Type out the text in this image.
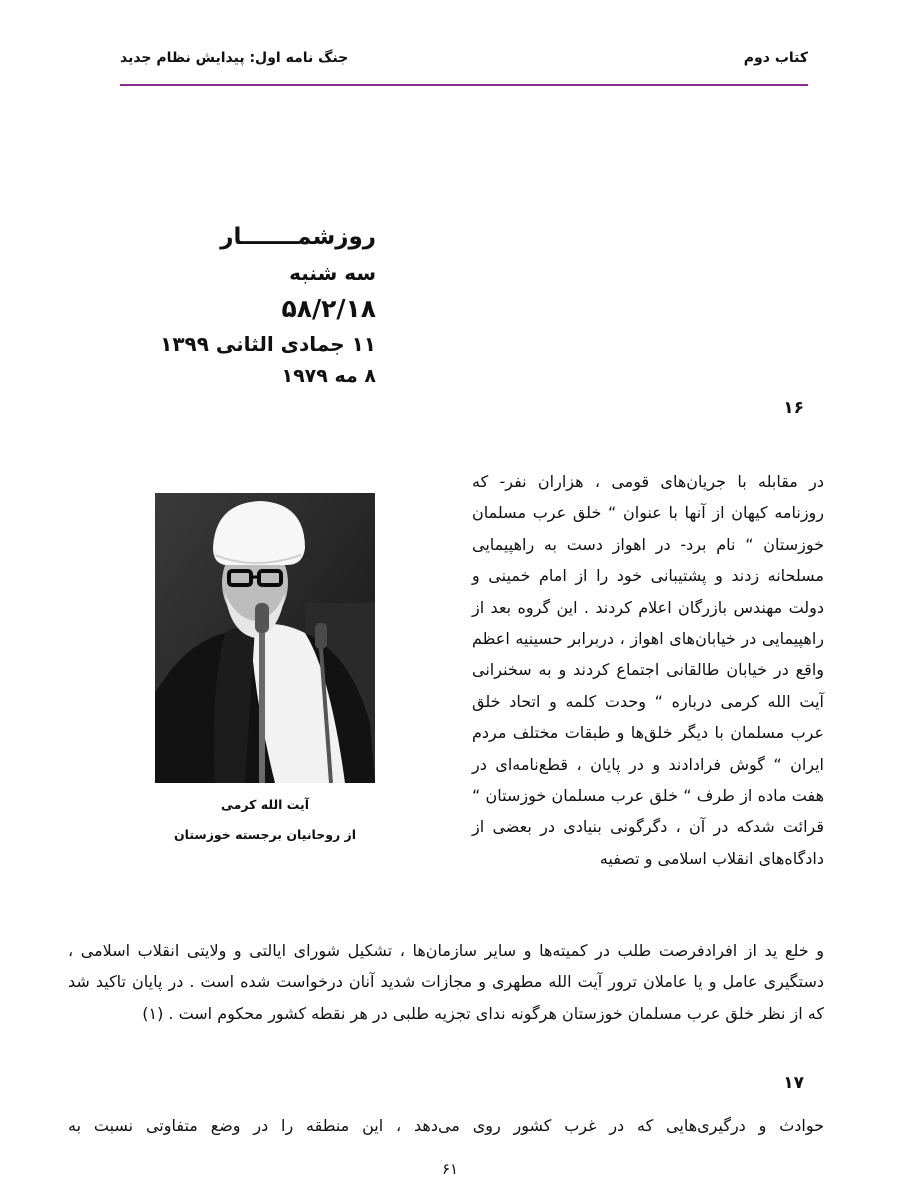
کتاب دوم
جنگ نامه اول: پیدایش نظام جدید
روزشمـــــــار
سه شنبه
۵۸/۲/۱۸
۱۱ جمادی الثانی ۱۳۹۹
۸ مه ۱۹۷۹
۱۶
آیت الله کرمی
از روحانیان برجسته خوزستان
در مقابله با جریان‌های قومی ، هزاران نفر- که روزنامه کیهان از آنها با عنوان “ خلق عرب مسلمان خوزستان “ نام برد- در اهواز دست به راهپیمایی مسلحانه زدند و پشتیبانی خود را از امام خمینی و دولت مهندس بازرگان اعلام کردند . این گروه بعد از راهپیمایی در خیابان‌های اهواز ، دربرابر حسینیه اعظم واقع در خیابان طالقانی اجتماع کردند و به سخنرانی آیت الله کرمی درباره “ وحدت کلمه و اتحاد خلق عرب مسلمان با دیگر خلق‌ها و طبقات مختلف مردم ایران “ گوش فرادادند و در پایان ، قطع‌نامه‌ای در هفت ماده از طرف “ خلق عرب مسلمان خوزستان “ قرائت شدکه در آن ، دگرگونی بنیادی در بعضی از دادگاه‌های انقلاب اسلامی و تصفیه
و خلع ید از افرادفرصت طلب در کمیته‌ها و سایر سازمان‌ها ، تشکیل شورای ایالتی و ولایتی انقلاب اسلامی ، دستگیری عامل و یا عاملان ترور آیت الله مطهری و مجازات شدید آنان درخواست شده است . در پایان تاکید شد که از نظر خلق عرب مسلمان خوزستان هرگونه ندای تجزیه طلبی در هر نقطه کشور محکوم است . (۱)
۱۷
حوادث و درگیری‌هایی که در غرب کشور روی می‌دهد ، این منطقه را در وضع متفاوتی نسبت به
۶۱
